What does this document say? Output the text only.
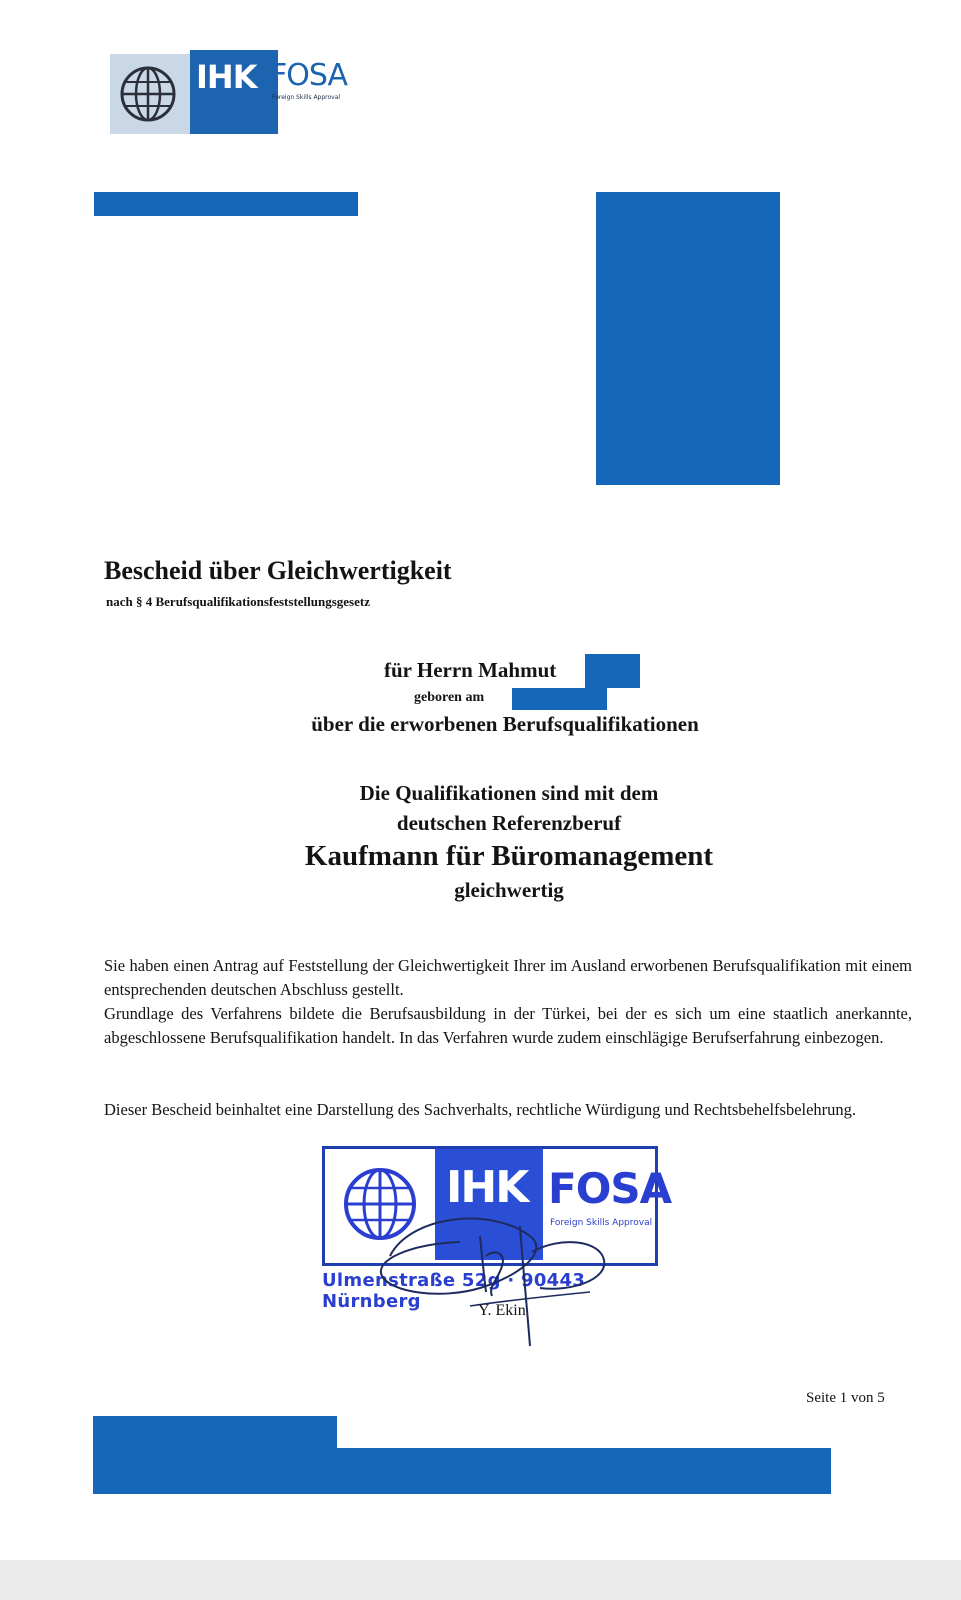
IHK FOSA
Foreign Skills Approval
Bescheid über Gleichwertigkeit
nach § 4 Berufsqualifikationsfeststellungsgesetz
für Herrn Mahmut
geboren am
über die erworbenen Berufsqualifikationen
Die Qualifikationen sind mit dem
deutschen Referenzberuf
Kaufmann für Büromanagement
gleichwertig

Sie haben einen Antrag auf Feststellung der Gleichwertigkeit Ihrer im Ausland erworbenen Berufsqualifikation mit einem entsprechenden deutschen Abschluss gestellt.

Grundlage des Verfahrens bildete die Berufsausbildung in der Türkei, bei der es sich um eine staatlich anerkannte, abgeschlossene Berufsqualifikation handelt. In das Verfahren wurde zudem einschlägige Berufserfahrung einbezogen.

Dieser Bescheid beinhaltet eine Darstellung des Sachverhalts, rechtliche Würdigung und Rechtsbehelfsbelehrung.

IHK FOSA
Foreign Skills Approval
Ulmenstraße 52g · 90443 Nürnberg	Y. Ekin
Seite 1 von 5
